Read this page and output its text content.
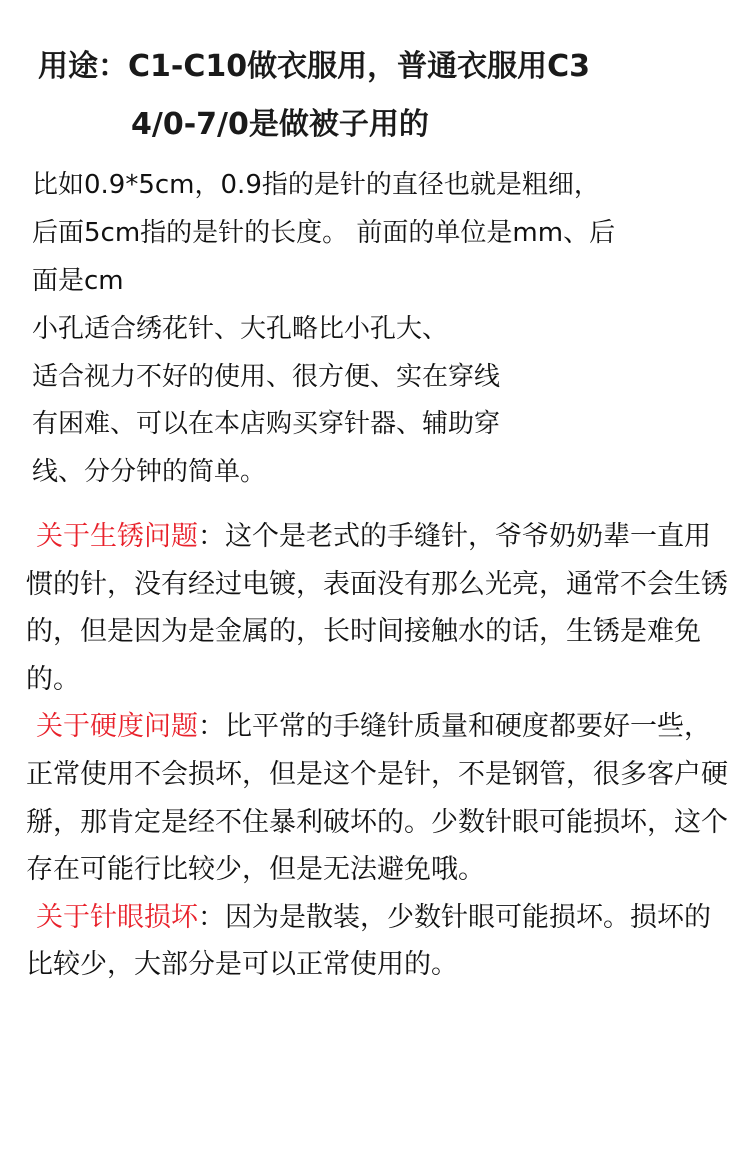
用途：C1-C10做衣服用，普通衣服用C3
4/0-7/0是做被子用的
比如0.9*5cm，0.9指的是针的直径也就是粗细，
后面5cm指的是针的长度。 前面的单位是mm、后
面是cm
小孔适合绣花针、大孔略比小孔大、
适合视力不好的使用、很方便、实在穿线
有困难、可以在本店购买穿针器、辅助穿
线、分分钟的简单。
关于生锈问题：这个是老式的手缝针，爷爷奶奶辈一直用惯的针，没有经过电镀，表面没有那么光亮，通常不会生锈的，但是因为是金属的，长时间接触水的话，生锈是难免的。
关于硬度问题：比平常的手缝针质量和硬度都要好一些，正常使用不会损坏，但是这个是针，不是钢管，很多客户硬掰，那肯定是经不住暴利破坏的。少数针眼可能损坏，这个存在可能行比较少，但是无法避免哦。
关于针眼损坏：因为是散装，少数针眼可能损坏。损坏的比较少，大部分是可以正常使用的。
